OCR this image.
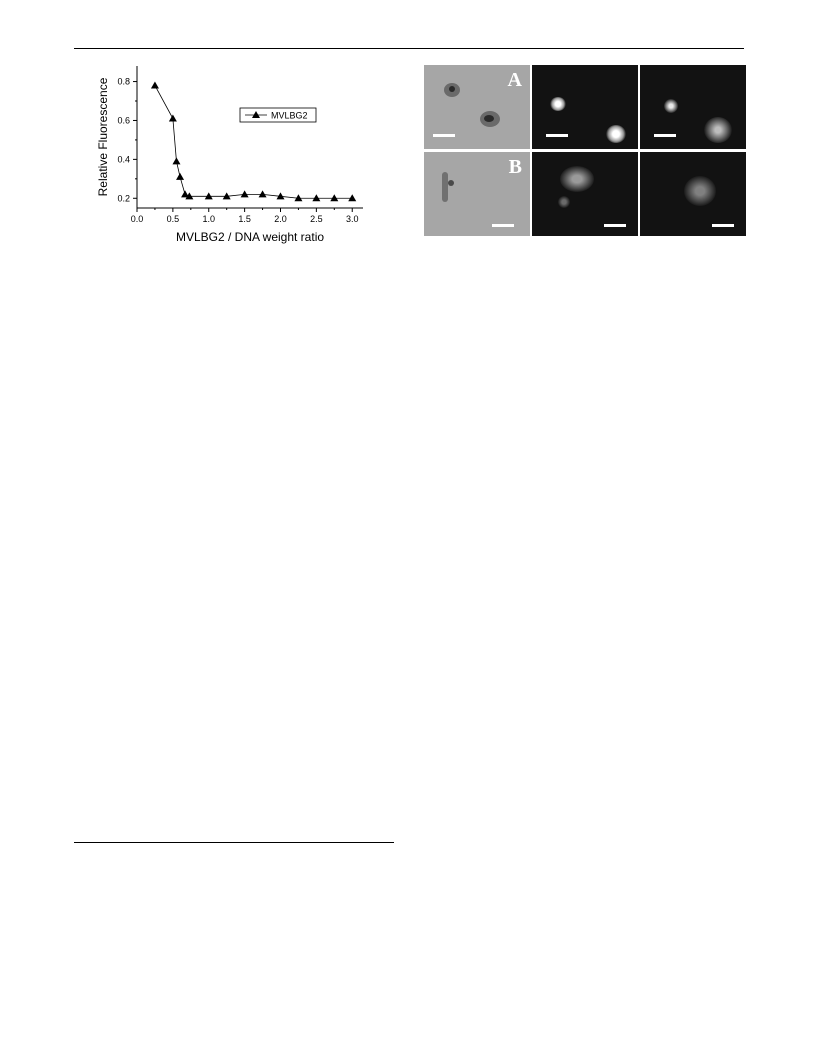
0.0	0.5	1.0	1.5	2.0	2.5	3.0
0.2
0.4
0.6
0.8
MVLBG2 / DNA weight ratio
Relative Fluorescence	MVLBG2
A
B
